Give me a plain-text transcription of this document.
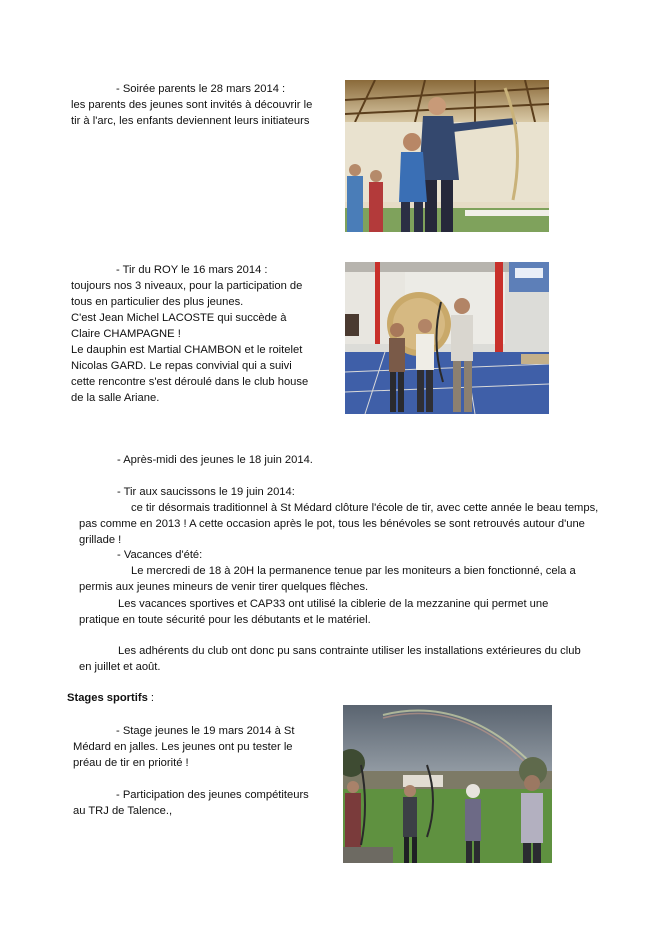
- Soirée parents le 28 mars 2014 :
les parents des jeunes sont invités à découvrir le
tir à l'arc, les enfants deviennent leurs initiateurs
- Tir du ROY le 16 mars 2014 :
toujours nos 3 niveaux, pour la participation de
tous en particulier des plus jeunes.
C'est Jean Michel LACOSTE qui succède à
Claire CHAMPAGNE !
Le dauphin est Martial CHAMBON et le roitelet
Nicolas GARD. Le repas convivial qui a suivi
cette rencontre s'est déroulé dans le club house
de la salle Ariane.
- Après-midi des jeunes le 18 juin 2014.
- Tir aux saucissons le 19 juin 2014:
ce tir désormais traditionnel à St Médard clôture l'école de tir, avec cette année le beau temps,
pas comme en 2013 ! A cette occasion après le pot, tous les bénévoles se sont retrouvés autour d'une
grillade !
- Vacances d'été:
Le mercredi de 18 à 20H la permanence tenue par les moniteurs a bien fonctionné, cela a
permis aux jeunes mineurs de venir tirer quelques flèches.
Les vacances sportives et CAP33 ont utilisé la ciblerie de la mezzanine qui permet une
pratique en toute sécurité pour les débutants et le matériel.
Les adhérents du club ont donc pu sans contrainte utiliser les installations extérieures du club
en juillet et août.
Stages sportifs :
- Stage jeunes le 19 mars 2014 à St
Médard en jalles. Les jeunes ont pu tester le
préau de tir en priorité !
- Participation des jeunes compétiteurs
au TRJ de Talence.,
